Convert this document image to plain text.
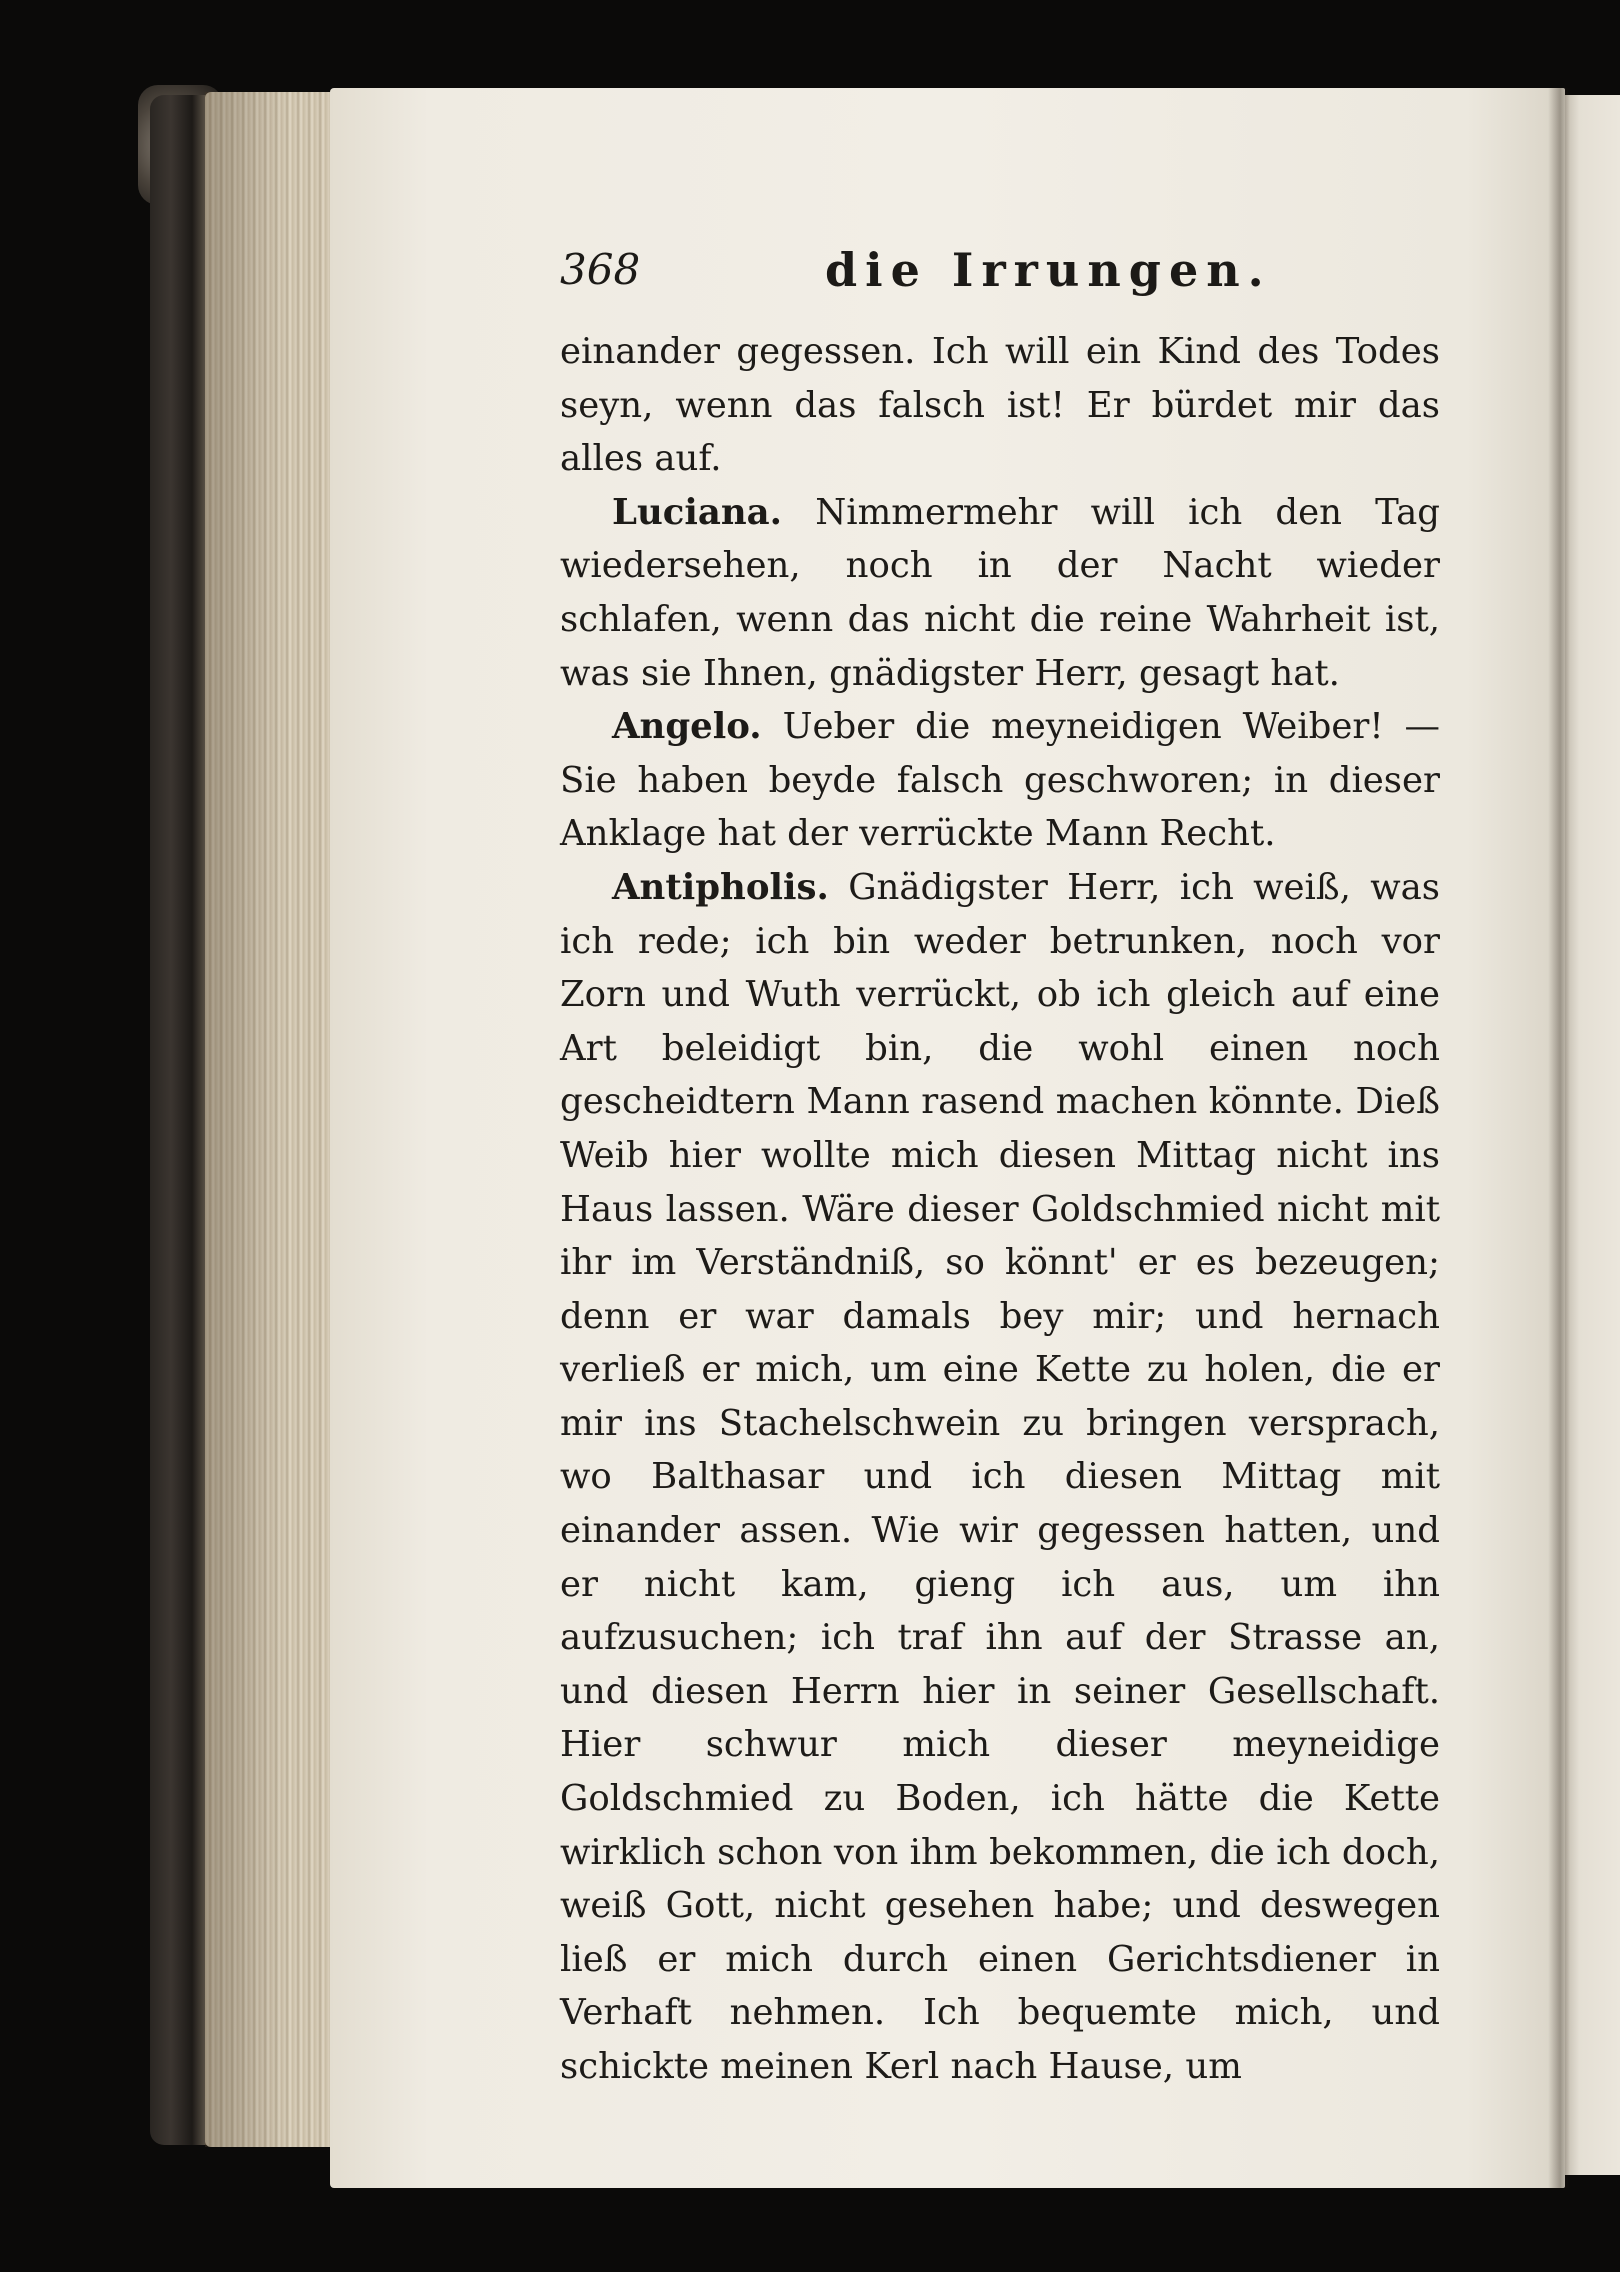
368	die Irrungen.

einander gegessen. Ich will ein Kind des Todes seyn, wenn das falsch ist! Er bürdet mir das alles auf.

Luciana. Nimmermehr will ich den Tag wiedersehen, noch in der Nacht wieder schlafen, wenn das nicht die reine Wahrheit ist, was sie Ihnen, gnädigster Herr, gesagt hat.

Angelo. Ueber die meyneidigen Weiber! — Sie haben beyde falsch geschworen; in dieser Anklage hat der verrückte Mann Recht.

Antipholis. Gnädigster Herr, ich weiß, was ich rede; ich bin weder betrunken, noch vor Zorn und Wuth verrückt, ob ich gleich auf eine Art beleidigt bin, die wohl einen noch gescheidtern Mann rasend machen könnte. Dieß Weib hier wollte mich diesen Mittag nicht ins Haus lassen. Wäre dieser Goldschmied nicht mit ihr im Verständniß, so könnt' er es bezeugen; denn er war damals bey mir; und hernach verließ er mich, um eine Kette zu holen, die er mir ins Stachelschwein zu bringen versprach, wo Balthasar und ich diesen Mittag mit einander assen. Wie wir gegessen hatten, und er nicht kam, gieng ich aus, um ihn aufzusuchen; ich traf ihn auf der Strasse an, und diesen Herrn hier in seiner Gesellschaft. Hier schwur mich dieser meyneidige Goldschmied zu Boden, ich hätte die Kette wirklich schon von ihm bekommen, die ich doch, weiß Gott, nicht gesehen habe; und deswegen ließ er mich durch einen Gerichtsdiener in Verhaft nehmen. Ich bequemte mich, und schickte meinen Kerl nach Hause, um
